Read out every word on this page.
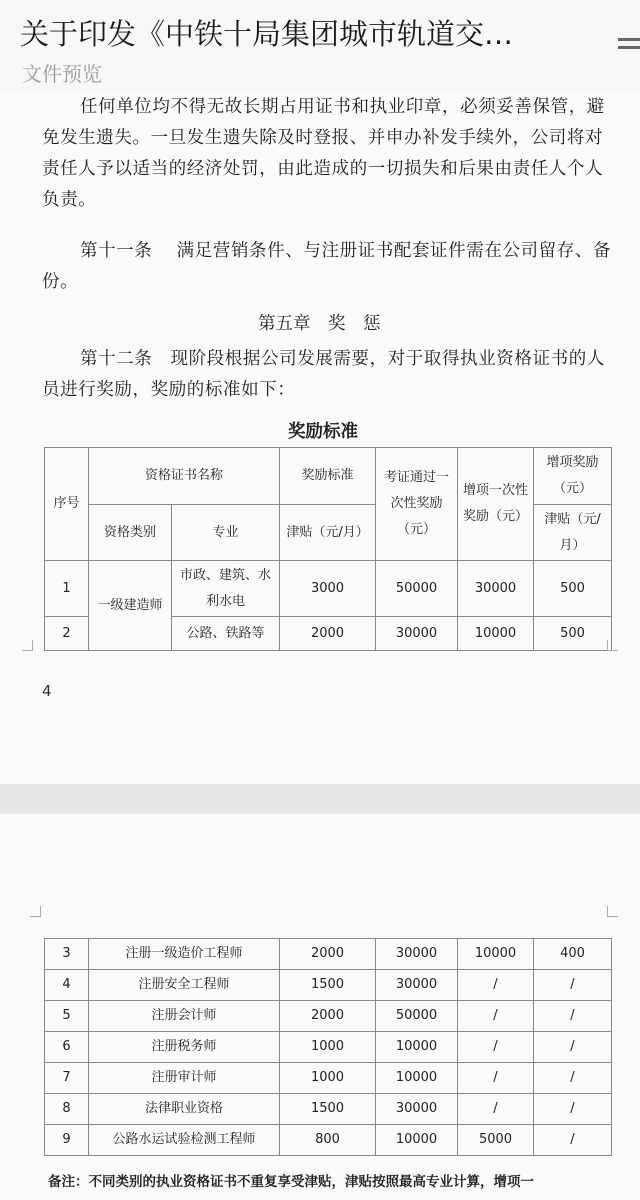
关于印发《中铁十局集团城市轨道交…
文件预览
任何单位均不得无故长期占用证书和执业印章，必须妥善保管，避免发生遗失。一旦发生遗失除及时登报、并申办补发手续外，公司将对责任人予以适当的经济处罚，由此造成的一切损失和后果由责任人个人负责。
第十一条　 满足营销条件、与注册证书配套证件需在公司留存、备份。
第五章　奖　惩
第十二条　现阶段根据公司发展需要，对于取得执业资格证书的人员进行奖励，奖励的标准如下：
奖励标准
序号	资格证书名称		奖励标准	考证通过一次性奖励（元）	增项一次性奖励（元）	增项奖励（元）
	资格类别	专业	津贴（元/月）			津贴（元/月）
1	一级建造师	市政、建筑、水利水电	3000	50000	30000	500
2		公路、铁路等	2000	30000	10000	500
4
3	注册一级造价工程师	2000	30000	10000	400
4	注册安全工程师	1500	30000	/	/
5	注册会计师	2000	50000	/	/
6	注册税务师	1000	10000	/	/
7	注册审计师	1000	10000	/	/
8	法律职业资格	1500	30000	/	/
9	公路水运试验检测工程师	800	10000	5000	/
备注：不同类别的执业资格证书不重复享受津贴，津贴按照最高专业计算，增项一
